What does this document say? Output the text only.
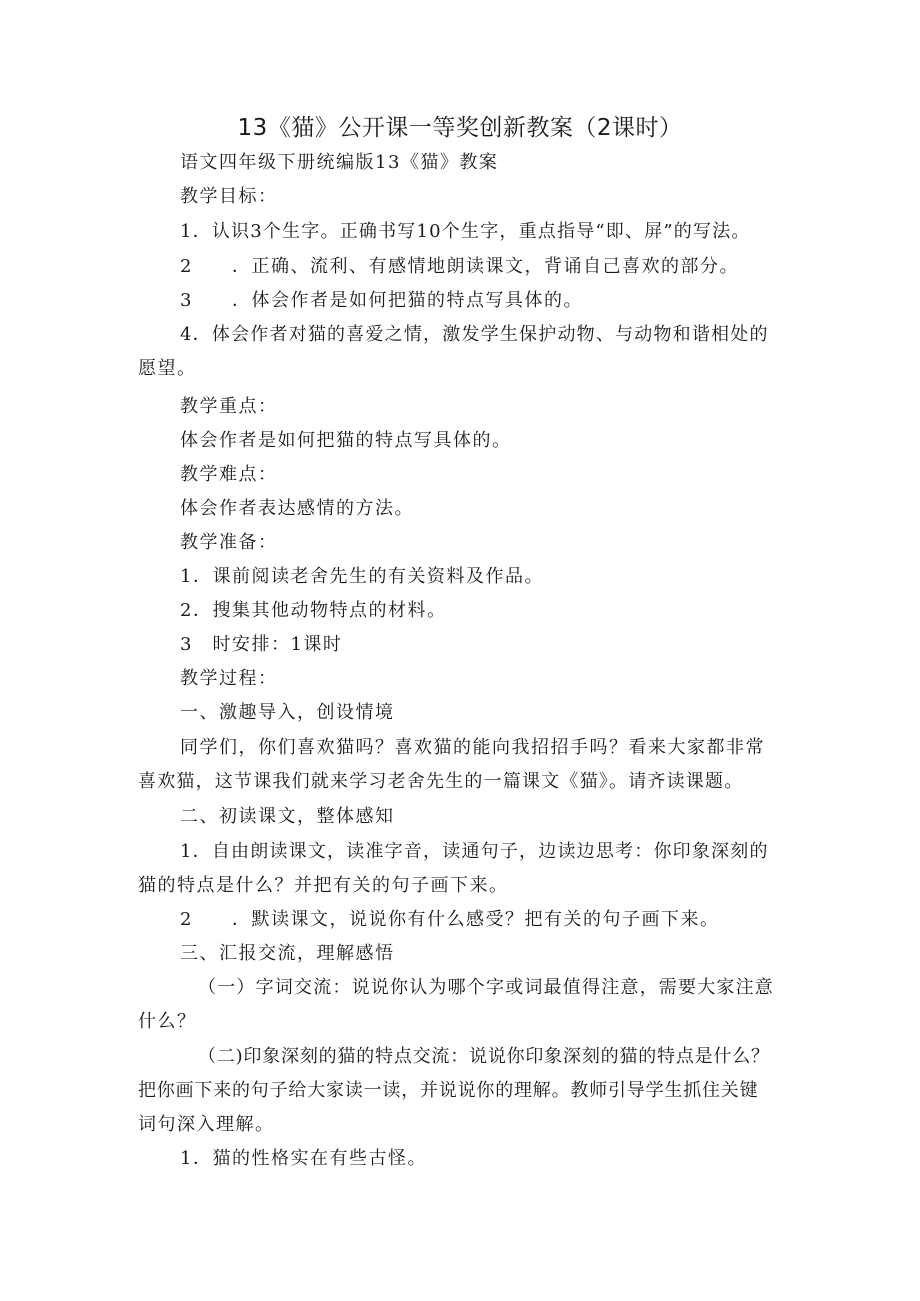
13《猫》公开课一等奖创新教案（2课时）
语文四年级下册统编版13《猫》教案
教学目标：
1．认识3个生字。正确书写10个生字，重点指导“即、屏”的写法。
2　　．正确、流利、有感情地朗读课文，背诵自己喜欢的部分。
3　　．体会作者是如何把猫的特点写具体的。
4．体会作者对猫的喜爱之情，激发学生保护动物、与动物和谐相处的
愿望。
教学重点：
体会作者是如何把猫的特点写具体的。
教学难点：
体会作者表达感情的方法。
教学准备：
1．课前阅读老舍先生的有关资料及作品。
2．搜集其他动物特点的材料。
3　时安排：1课时
教学过程：
一、激趣导入，创设情境
同学们，你们喜欢猫吗？喜欢猫的能向我招招手吗？看来大家都非常
喜欢猫，这节课我们就来学习老舍先生的一篇课文《猫》。请齐读课题。
二、初读课文，整体感知
1．自由朗读课文，读准字音，读通句子，边读边思考：你印象深刻的
猫的特点是什么？并把有关的句子画下来。
2　　．默读课文，说说你有什么感受？把有关的句子画下来。
三、汇报交流，理解感悟
（一）字词交流：说说你认为哪个字或词最值得注意，需要大家注意
什么？
（二)印象深刻的猫的特点交流：说说你印象深刻的猫的特点是什么？
把你画下来的句子给大家读一读，并说说你的理解。教师引导学生抓住关键
词句深入理解。
1．猫的性格实在有些古怪。
